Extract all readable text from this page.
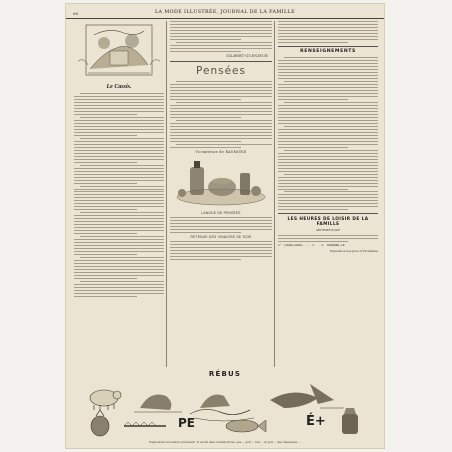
68	LA MODE ILLUSTRÉE, JOURNAL DE LA FAMILLE
Le Cassis.
GILBERT-GUENIEUR
Pensées
Vicomtesse de RAYMOND
LANGUE DE PENSÉES
RETENUE DES VINAIGRE DE SOIE
RENSEIGNEMENTS
LES HEURES DE LOISIR DE LA FAMILLE
ARITHMÉTIQUE
1° (1000+1000+ ... 1 1. THÉRÈSE-LE
Explication des Jeux et Problèmes
RÉBUS
PE	É+
Explications du numéro précédent : Il est dit dans certains livres, que ... qu'il ... fois ... et qu'il ... des chaussures ...
